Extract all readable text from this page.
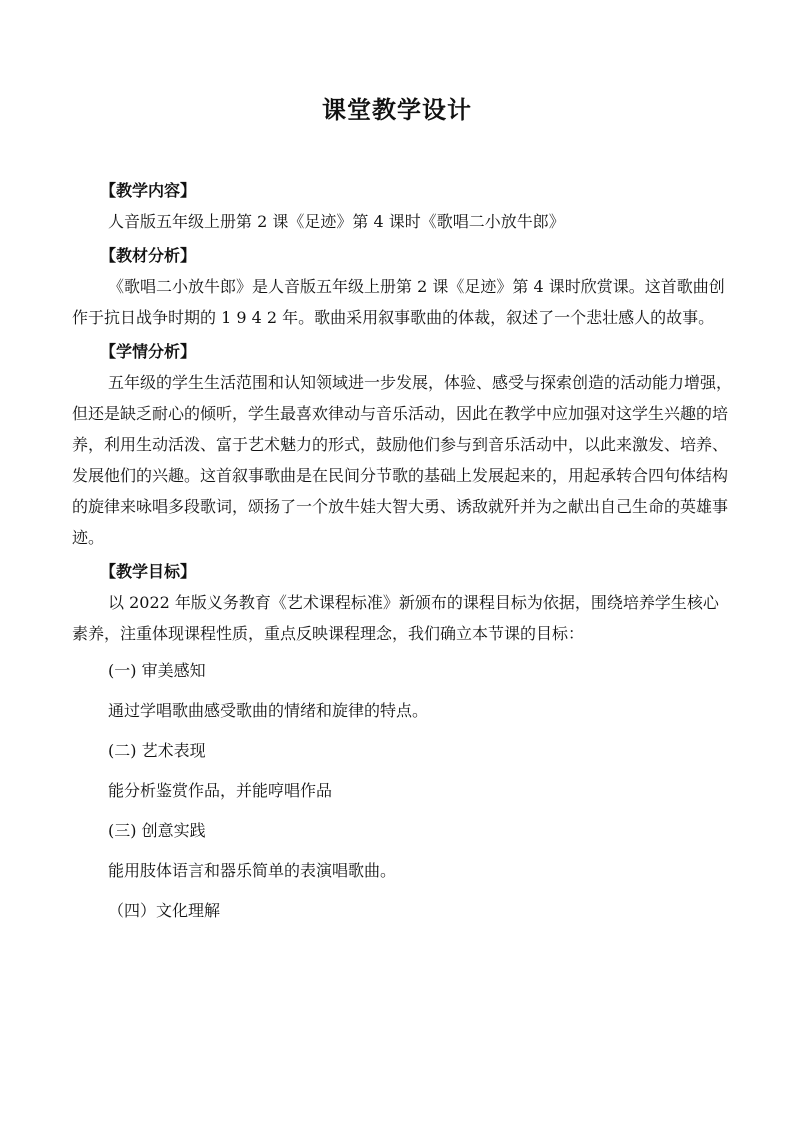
课堂教学设计

【教学内容】

人音版五年级上册第 2 课《足迹》第 4 课时《歌唱二小放牛郎》

【教材分析】

《歌唱二小放牛郎》是人音版五年级上册第 2 课《足迹》第 4 课时欣赏课。这首歌曲创作于抗日战争时期的 1 9 4 2 年。歌曲采用叙事歌曲的体裁，叙述了一个悲壮感人的故事。

【学情分析】

五年级的学生生活范围和认知领域进一步发展，体验、感受与探索创造的活动能力增强，但还是缺乏耐心的倾听，学生最喜欢律动与音乐活动，因此在教学中应加强对这学生兴趣的培养，利用生动活泼、富于艺术魅力的形式，鼓励他们参与到音乐活动中，以此来激发、培养、发展他们的兴趣。这首叙事歌曲是在民间分节歌的基础上发展起来的，用起承转合四句体结构的旋律来咏唱多段歌词，颂扬了一个放牛娃大智大勇、诱敌就歼并为之献出自己生命的英雄事迹。

【教学目标】

以 2022 年版义务教育《艺术课程标准》新颁布的课程目标为依据，围绕培养学生核心素养，注重体现课程性质，重点反映课程理念，我们确立本节课的目标：

(一) 审美感知

通过学唱歌曲感受歌曲的情绪和旋律的特点。

(二) 艺术表现

能分析鉴赏作品，并能哼唱作品

(三) 创意实践

能用肢体语言和器乐简单的表演唱歌曲。

（四）文化理解
